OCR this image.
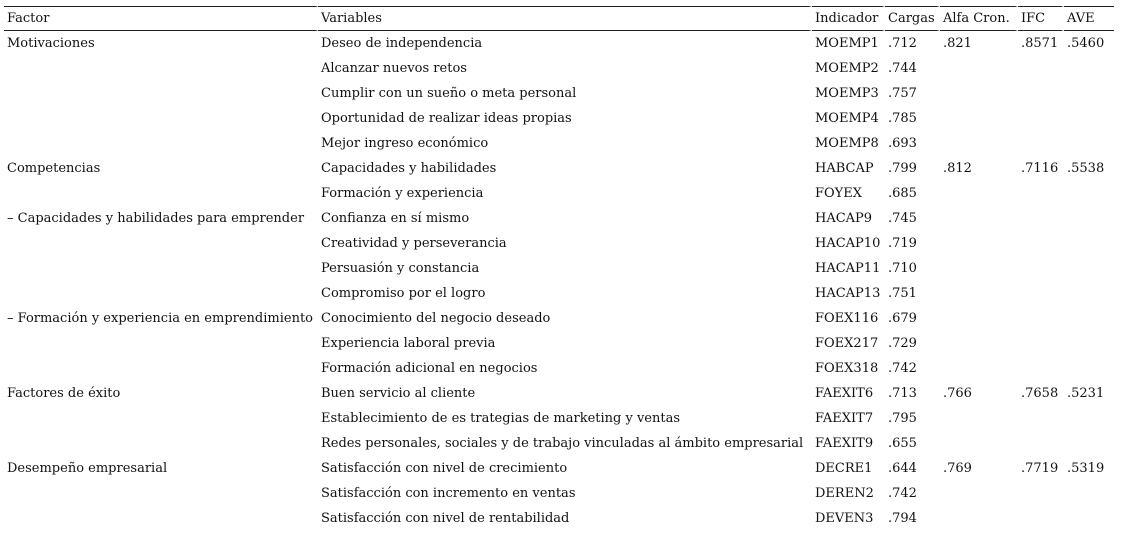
Factor	Variables	Indicador	Cargas	Alfa Cron.	IFC	AVE
Motivaciones	Deseo de independencia	MOEMP1	.712	.821	.8571	.5460
	Alcanzar nuevos retos	MOEMP2	.744			
	Cumplir con un sueño o meta personal	MOEMP3	.757			
	Oportunidad de realizar ideas propias	MOEMP4	.785			
	Mejor ingreso económico	MOEMP8	.693			
Competencias	Capacidades y habilidades	HABCAP	.799	.812	.7116	.5538
	Formación y experiencia	FOYEX	.685			
– Capacidades y habilidades para emprender	Confianza en sí mismo	HACAP9	.745			
	Creatividad y perseverancia	HACAP10	.719			
	Persuasión y constancia	HACAP11	.710			
	Compromiso por el logro	HACAP13	.751			
– Formación y experiencia en emprendimiento	Conocimiento del negocio deseado	FOEX116	.679			
	Experiencia laboral previa	FOEX217	.729			
	Formación adicional en negocios	FOEX318	.742			
Factores de éxito	Buen servicio al cliente	FAEXIT6	.713	.766	.7658	.5231
	Establecimiento de es trategias de marketing y ventas	FAEXIT7	.795			
	Redes personales, sociales y de trabajo vinculadas al ámbito empresarial	FAEXIT9	.655			
Desempeño empresarial	Satisfacción con nivel de crecimiento	DECRE1	.644	.769	.7719	.5319
	Satisfacción con incremento en ventas	DEREN2	.742			
	Satisfacción con nivel de rentabilidad	DEVEN3	.794			
